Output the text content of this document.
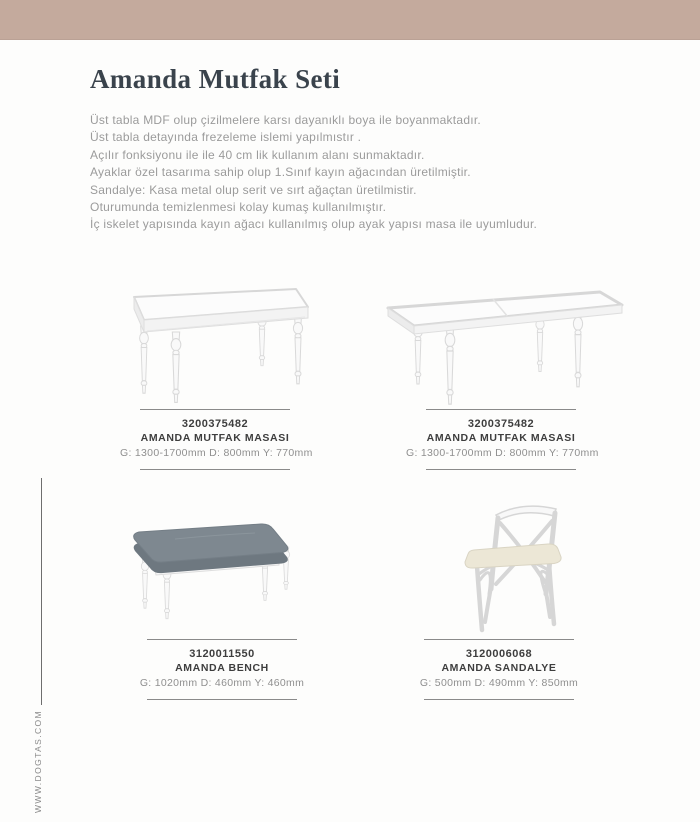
Amanda Mutfak Seti
Üst tabla MDF olup çizilmelere karsı dayanıklı boya ile boyanmaktadır.
Üst tabla detayında frezeleme islemi yapılmıstır .
Açılır fonksiyonu ile ile 40 cm lik kullanım alanı sunmaktadır.
Ayaklar özel tasarıma sahip olup 1.Sınıf kayın ağacından üretilmiştir.
Sandalye: Kasa metal olup serit ve sırt ağaçtan üretilmistir.
Oturumunda temizlenmesi kolay kumaş kullanılmıştır.
İç iskelet yapısında kayın ağacı kullanılmış olup ayak yapısı masa ile uyumludur.
3200375482
AMANDA MUTFAK MASASI
G: 1300-1700mm D: 800mm Y: 770mm
3200375482
AMANDA MUTFAK MASASI
G: 1300-1700mm D: 800mm Y: 770mm
3120011550
AMANDA BENCH
G: 1020mm D: 460mm Y: 460mm
3120006068
AMANDA SANDALYE
G: 500mm D: 490mm Y: 850mm
WWW.DOGTAS.COM
